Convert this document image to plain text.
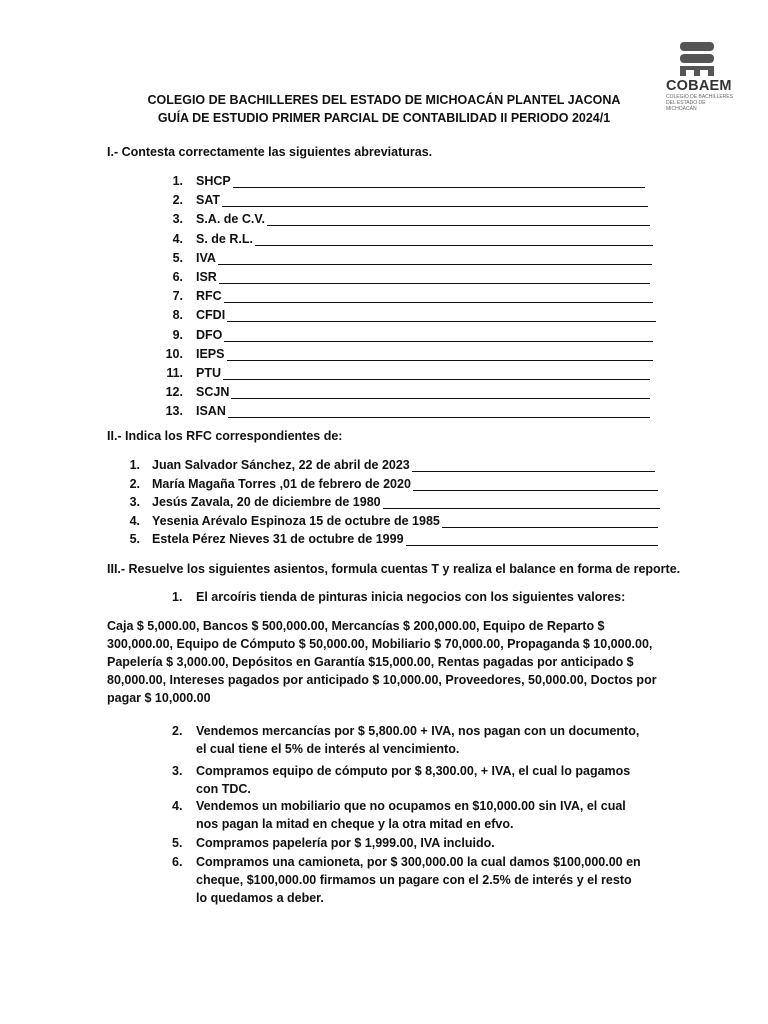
COBAEM
COLEGIO DE BACHILLERES DEL ESTADO DE MICHOACÁN
COLEGIO DE BACHILLERES DEL ESTADO DE MICHOACÁN PLANTEL JACONA
GUÍA DE ESTUDIO PRIMER PARCIAL DE CONTABILIDAD II PERIODO 2024/1
I.- Contesta correctamente las siguientes abreviaturas.
1. SHCP
2. SAT
3. S.A. de C.V.
4. S. de R.L.
5. IVA
6. ISR
7. RFC
8. CFDI
9. DFO
10. IEPS
11. PTU
12. SCJN
13. ISAN
II.- Indica los RFC correspondientes de:
1. Juan Salvador Sánchez, 22 de abril de 2023
2. María Magaña Torres ,01 de febrero de 2020
3. Jesús Zavala, 20 de diciembre de 1980
4. Yesenia Arévalo Espinoza 15 de octubre de 1985
5. Estela Pérez Nieves 31 de octubre de 1999
III.- Resuelve los siguientes asientos, formula cuentas T y realiza el balance en forma de reporte.
1. El arcoíris tienda de pinturas inicia negocios con los siguientes valores:
Caja $ 5,000.00, Bancos $ 500,000.00, Mercancías $ 200,000.00, Equipo de Reparto $ 300,000.00, Equipo de Cómputo $ 50,000.00, Mobiliario $ 70,000.00, Propaganda $ 10,000.00, Papelería $ 3,000.00, Depósitos en Garantía $15,000.00, Rentas pagadas por anticipado $ 80,000.00, Intereses pagados por anticipado $ 10,000.00, Proveedores, 50,000.00, Doctos por pagar $ 10,000.00
2. Vendemos mercancías por $ 5,800.00 + IVA, nos pagan con un documento, el cual tiene el 5% de interés al vencimiento.
3. Compramos equipo de cómputo por $ 8,300.00, + IVA, el cual lo pagamos con TDC.
4. Vendemos un mobiliario que no ocupamos en $10,000.00 sin IVA, el cual nos pagan la mitad en cheque y la otra mitad en efvo.
5. Compramos papelería por $ 1,999.00, IVA incluido.
6. Compramos una camioneta, por $ 300,000.00 la cual damos $100,000.00 en cheque, $100,000.00 firmamos un pagare con el 2.5% de interés y el resto lo quedamos a deber.
